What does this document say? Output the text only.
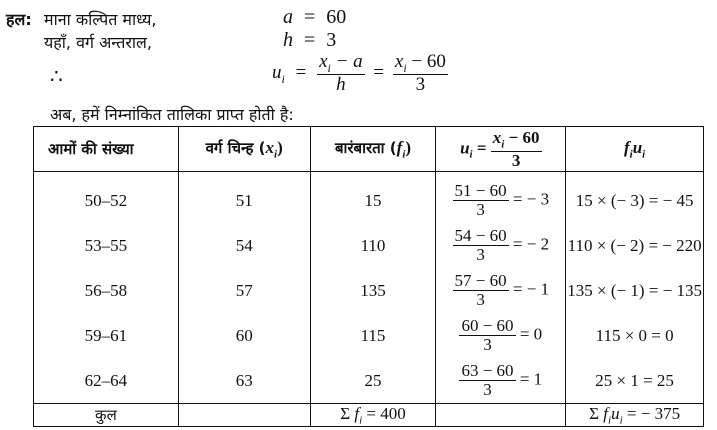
हल: माना कल्पित माध्य,	a = 60
यहाँ, वर्ग अन्तराल,	h = 3
∴	$u_i = \frac{x_i - a}{h} = \frac{x_i - 60}{3}$
अब, हमें निम्नांकित तालिका प्राप्त होती है:
आमों की संख्या	वर्ग चिन्ह $(x_i)$	बारंबारता $(f_i)$	$u_i = \frac{x_i - 60}{3}$	$f_iu_i$
50–52	51	15	$\frac{51 - 60}{3}$ = − 3	15 × (− 3) = − 45
53–55	54	110	$\frac{54 - 60}{3}$ = − 2	110 × (− 2) = − 220
56–58	57	135	$\frac{57 - 60}{3}$ = − 1	135 × (− 1) = − 135
59–61	60	115	$\frac{60 - 60}{3} = 0$	115 × 0 = 0
62–64	63	25	$\frac{63 - 60}{3} = 1$	25 × 1 = 25
कुल		Σ $f_i = 400$		Σ $f_iu_i$ = − 375
